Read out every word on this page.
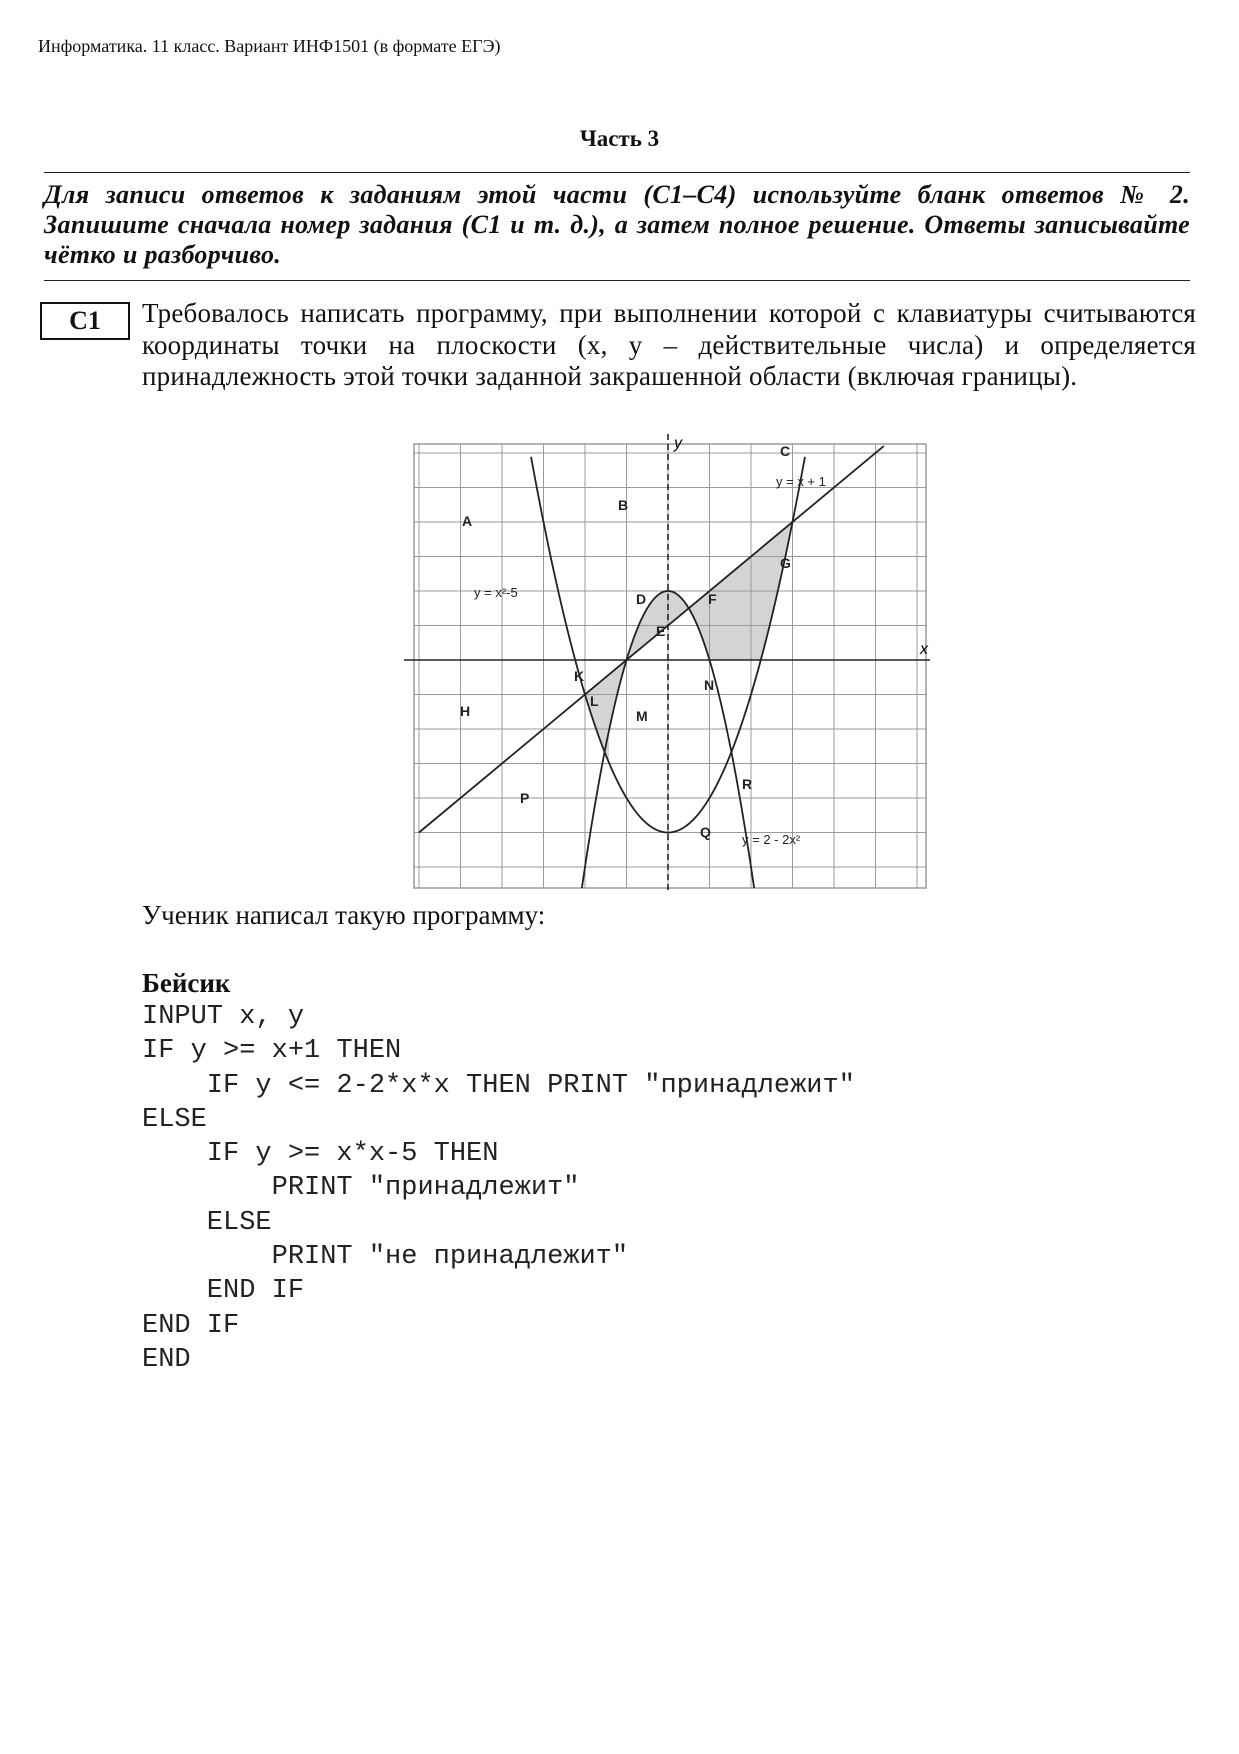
Информатика. 11 класс. Вариант ИНФ1501 (в формате ЕГЭ)
Часть 3
Для записи ответов к заданиям этой части (C1–C4) используйте бланк ответов № 2. Запишите сначала номер задания (C1 и т. д.), а затем полное решение. Ответы записывайте чётко и разборчиво.
C1	Требовалось написать программу, при выполнении которой с клавиатуры считываются координаты точки на плоскости (x, y – действительные числа) и определяется принадлежность этой точки заданной закрашенной области (включая границы).

x
y
y = x + 1
y = x²-5
y = 2 - 2x²
A
B
C
D
E
F
G
H
K
L
M
N
P
Q
R
Ученик написал такую программу:
Бейсик
INPUT x, y
IF y >= x+1 THEN
IF y <= 2-2*x*x THEN PRINT "принадлежит"
ELSE
IF y >= x*x-5 THEN
PRINT "принадлежит"
ELSE
PRINT "не принадлежит"
END IF
END IF
END
